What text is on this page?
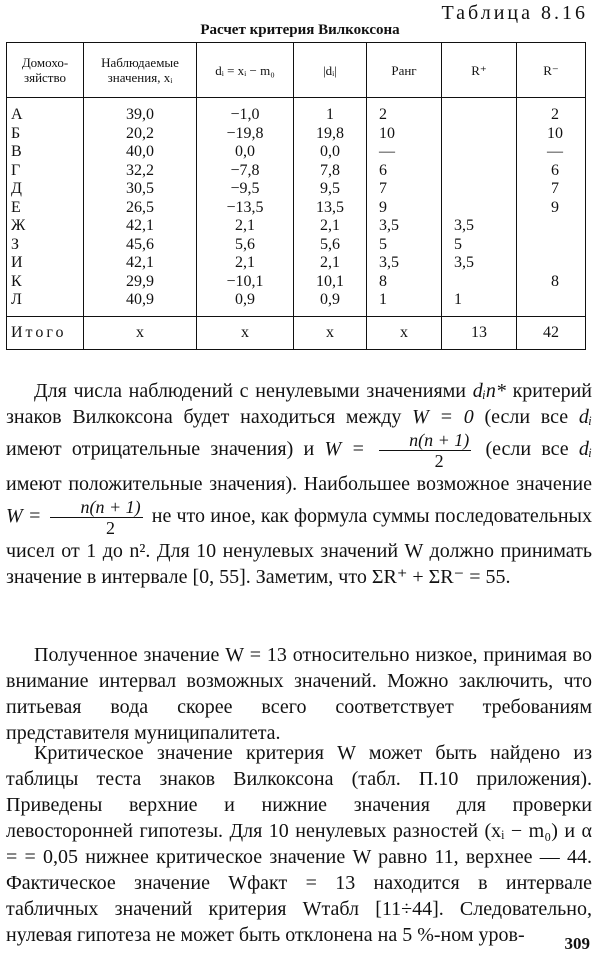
Таблица 8.16
Расчет критерия Вилкоксона
Домохо-зяйство	Наблюдаемые значения, xᵢ	dᵢ = xᵢ − m₀	|dᵢ|	Ранг	R⁺	R⁻
А	39,0	−1,0	1	2		2
Б	20,2	−19,8	19,8	10		10
В	40,0	0,0	0,0	—		—
Г	32,2	−7,8	7,8	6		6
Д	30,5	−9,5	9,5	7		7
Е	26,5	−13,5	13,5	9		9
Ж	42,1	2,1	2,1	3,5	3,5	
З	45,6	5,6	5,6	5	5	
И	42,1	2,1	2,1	3,5	3,5	
К	29,9	−10,1	10,1	8		8
Л	40,9	0,9	0,9	1	1	
Итого	x	x	x	x	13	42

Для числа наблюдений с ненулевыми значениями dᵢn* критерий знаков Вилкоксона будет находиться между W = 0 (если все dᵢ имеют отрицательные значения) и $W = \frac{n(n + 1)}{2}$ (если все dᵢ имеют положительные значения). Наибольшее возможное значение $W = \frac{n(n + 1)}{2}$ не что иное, как формула суммы последовательных чисел от 1 до n². Для 10 ненулевых значений W должно принимать значение в интервале [0, 55]. Заметим, что ΣR⁺ + ΣR⁻ = 55.

Полученное значение W = 13 относительно низкое, принимая во внимание интервал возможных значений. Можно заключить, что питьевая вода скорее всего соответствует требованиям представителя муниципалитета.

Критическое значение критерия W может быть найдено из таблицы теста знаков Вилкоксона (табл. П.10 приложения). Приведены верхние и нижние значения для проверки левосторонней гипотезы. Для 10 ненулевых разностей (xᵢ − m₀) и α = = 0,05 нижнее критическое значение W равно 11, верхнее — 44. Фактическое значение Wфакт = 13 находится в интервале табличных значений критерия Wтабл [11÷44]. Следовательно, нулевая гипотеза не может быть отклонена на 5 %-ном уров-	309
